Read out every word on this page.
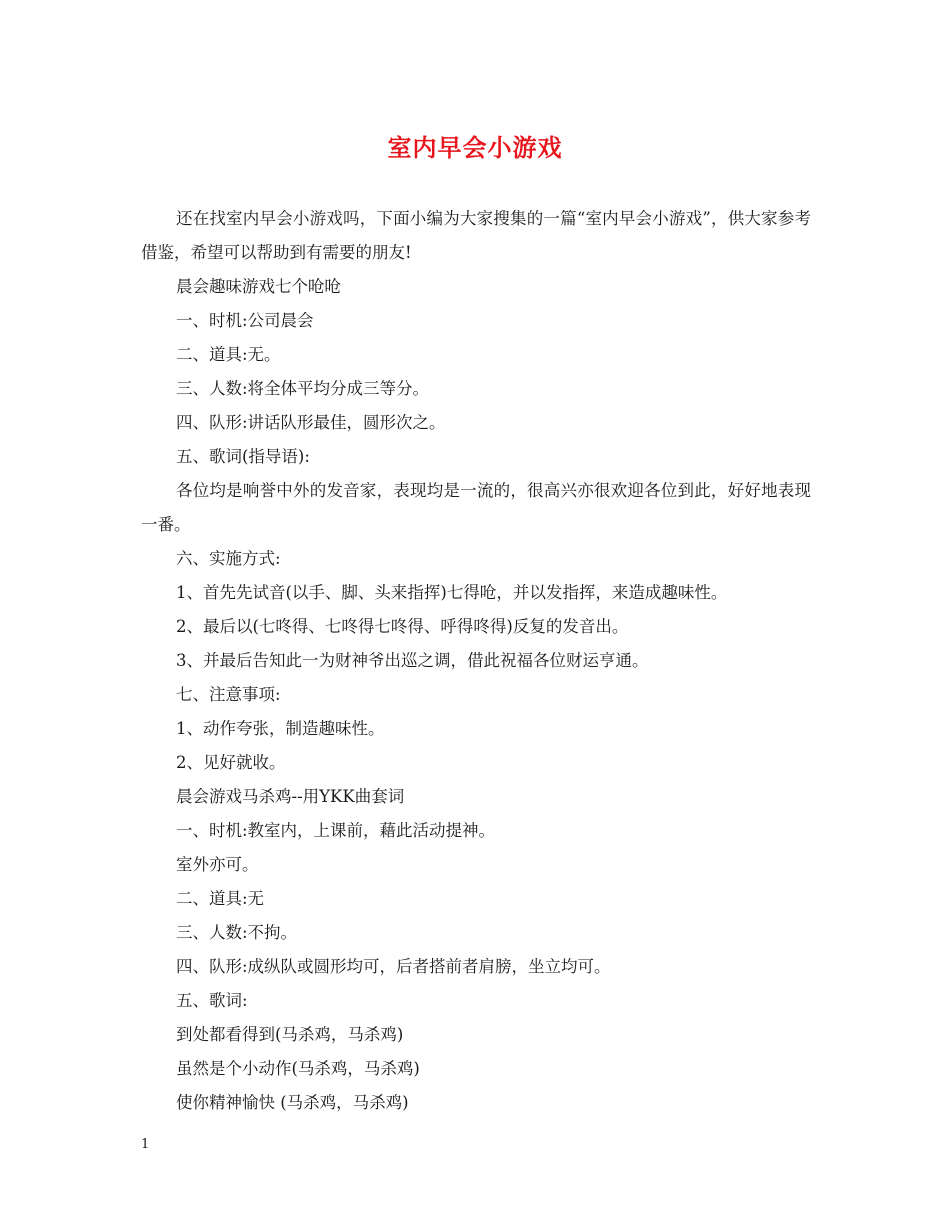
室内早会小游戏

还在找室内早会小游戏吗，下面小编为大家搜集的一篇“室内早会小游戏”，供大家参考借鉴，希望可以帮助到有需要的朋友!

晨会趣味游戏七个呛呛

一、时机:公司晨会

二、道具:无。

三、人数:将全体平均分成三等分。

四、队形:讲话队形最佳，圆形次之。

五、歌词(指导语):

各位均是响誉中外的发音家，表现均是一流的，很高兴亦很欢迎各位到此，好好地表现一番。

六、实施方式:

1、首先先试音(以手、脚、头来指挥)七得呛，并以发指挥，来造成趣味性。

2、最后以(七咚得、七咚得七咚得、呼得咚得)反复的发音出。

3、并最后告知此一为财神爷出巡之调，借此祝福各位财运亨通。

七、注意事项:

1、动作夸张，制造趣味性。

2、见好就收。

晨会游戏马杀鸡--用YKK曲套词

一、时机:教室内，上课前，藉此活动提神。

室外亦可。

二、道具:无

三、人数:不拘。

四、队形:成纵队或圆形均可，后者搭前者肩膀，坐立均可。

五、歌词:

到处都看得到(马杀鸡，马杀鸡)

虽然是个小动作(马杀鸡，马杀鸡)

使你精神愉快 (马杀鸡，马杀鸡)

1
